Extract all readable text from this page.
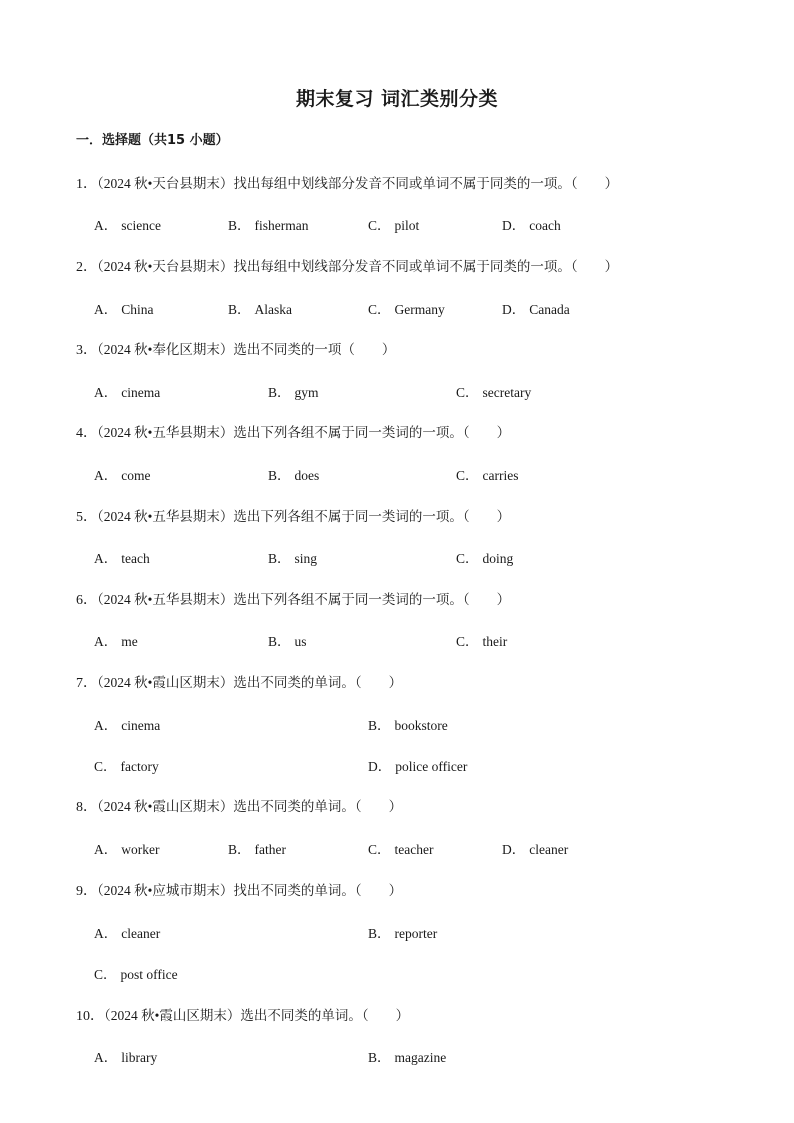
期末复习 词汇类别分类
一．选择题（共15 小题）
1．（2024 秋•天台县期末）找出每组中划线部分发音不同或单词不属于同类的一项。（　　）
A． science	B． fisherman	C． pilot	D． coach
2．（2024 秋•天台县期末）找出每组中划线部分发音不同或单词不属于同类的一项。（　　）
A． China	B． Alaska	C． Germany	D． Canada
3．（2024 秋•奉化区期末）选出不同类的一项（　　）
A． cinema	B． gym	C． secretary
4．（2024 秋•五华县期末）选出下列各组不属于同一类词的一项。（　　）
A． come	B． does	C． carries
5．（2024 秋•五华县期末）选出下列各组不属于同一类词的一项。（　　）
A． teach	B． sing	C． doing
6．（2024 秋•五华县期末）选出下列各组不属于同一类词的一项。（　　）
A． me	B． us	C． their
7．（2024 秋•霞山区期末）选出不同类的单词。（　　）
A． cinema	B． bookstore
C． factory	D． police officer
8．（2024 秋•霞山区期末）选出不同类的单词。（　　）
A． worker	B． father	C． teacher	D． cleaner
9．（2024 秋•应城市期末）找出不同类的单词。（　　）
A． cleaner	B． reporter
C． post office
10．（2024 秋•霞山区期末）选出不同类的单词。（　　）
A． library	B． magazine
